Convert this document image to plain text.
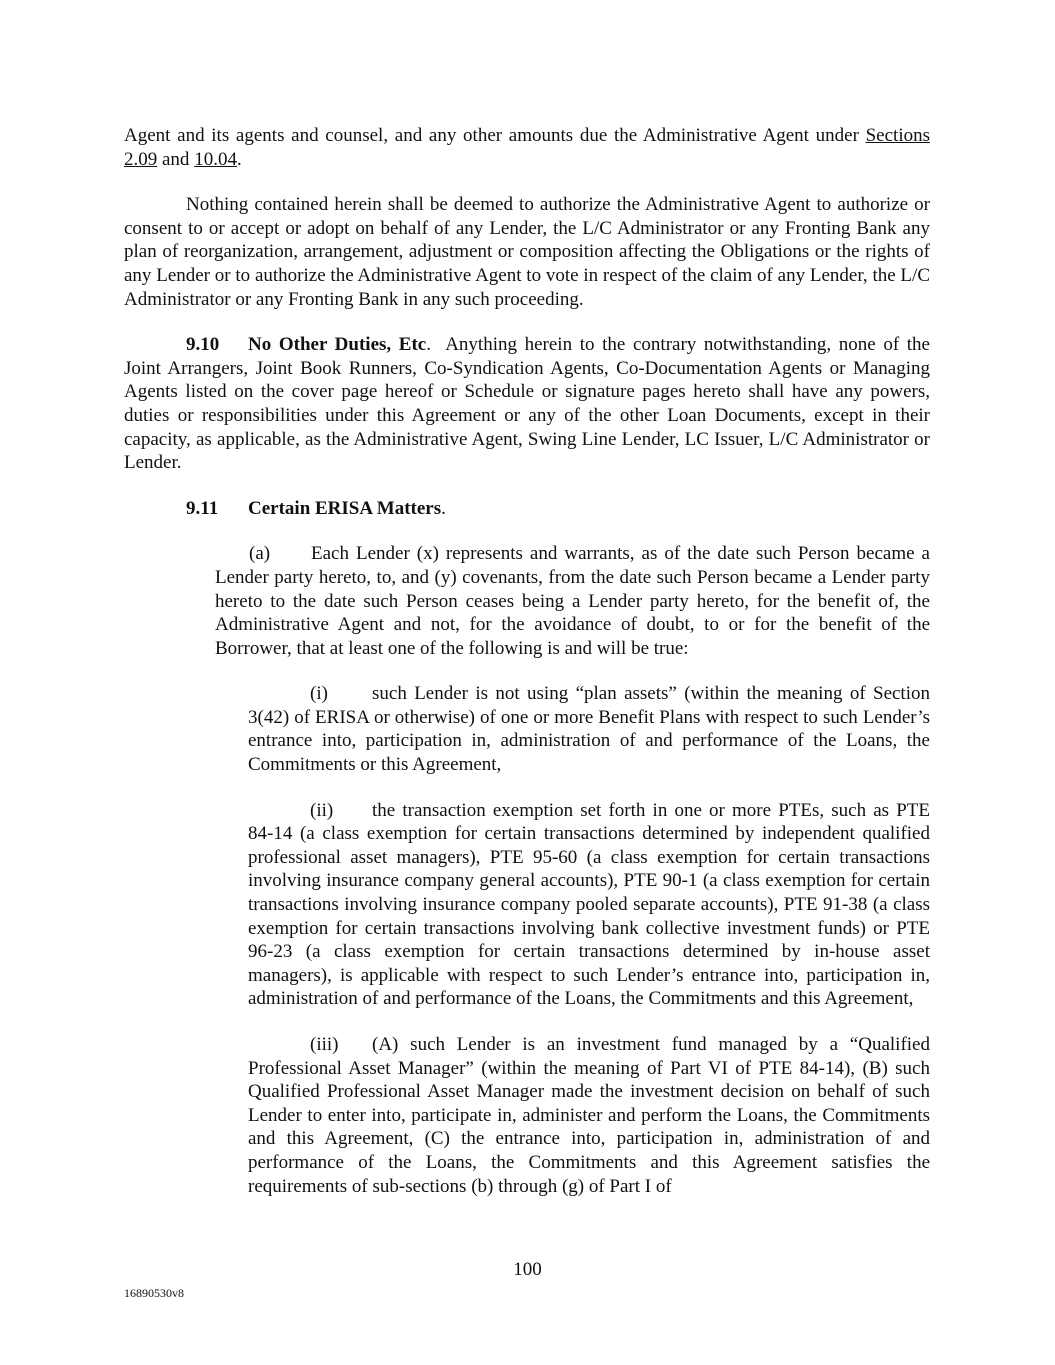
Agent and its agents and counsel, and any other amounts due the Administrative Agent under Sections 2.09 and 10.04.

Nothing contained herein shall be deemed to authorize the Administrative Agent to authorize or consent to or accept or adopt on behalf of any Lender, the L/C Administrator or any Fronting Bank any plan of reorganization, arrangement, adjustment or composition affecting the Obligations or the rights of any Lender or to authorize the Administrative Agent to vote in respect of the claim of any Lender, the L/C Administrator or any Fronting Bank in any such proceeding.

9.10 No Other Duties, Etc.  Anything herein to the contrary notwithstanding, none of the Joint Arrangers, Joint Book Runners, Co-Syndication Agents, Co-Documentation Agents or Managing Agents listed on the cover page hereof or Schedule or signature pages hereto shall have any powers, duties or responsibilities under this Agreement or any of the other Loan Documents, except in their capacity, as applicable, as the Administrative Agent, Swing Line Lender, LC Issuer, L/C Administrator or Lender.

9.11 Certain ERISA Matters.

(a) Each Lender (x) represents and warrants, as of the date such Person became a Lender party hereto, to, and (y) covenants, from the date such Person became a Lender party hereto to the date such Person ceases being a Lender party hereto, for the benefit of, the Administrative Agent and not, for the avoidance of doubt, to or for the benefit of the Borrower, that at least one of the following is and will be true:

(i) such Lender is not using “plan assets” (within the meaning of Section 3(42) of ERISA or otherwise) of one or more Benefit Plans with respect to such Lender’s entrance into, participation in, administration of and performance of the Loans, the Commitments or this Agreement,

(ii) the transaction exemption set forth in one or more PTEs, such as PTE 84-14 (a class exemption for certain transactions determined by independent qualified professional asset managers), PTE 95-60 (a class exemption for certain transactions involving insurance company general accounts), PTE 90-1 (a class exemption for certain transactions involving insurance company pooled separate accounts), PTE 91-38 (a class exemption for certain transactions involving bank collective investment funds) or PTE 96-23 (a class exemption for certain transactions determined by in-house asset managers), is applicable with respect to such Lender’s entrance into, participation in, administration of and performance of the Loans, the Commitments and this Agreement,

(iii) (A) such Lender is an investment fund managed by a “Qualified Professional Asset Manager” (within the meaning of Part VI of PTE 84-14), (B) such Qualified Professional Asset Manager made the investment decision on behalf of such Lender to enter into, participate in, administer and perform the Loans, the Commitments and this Agreement, (C) the entrance into, participation in, administration of and performance of the Loans, the Commitments and this Agreement satisfies the requirements of sub-sections (b) through (g) of Part I of

100
16890530v8
